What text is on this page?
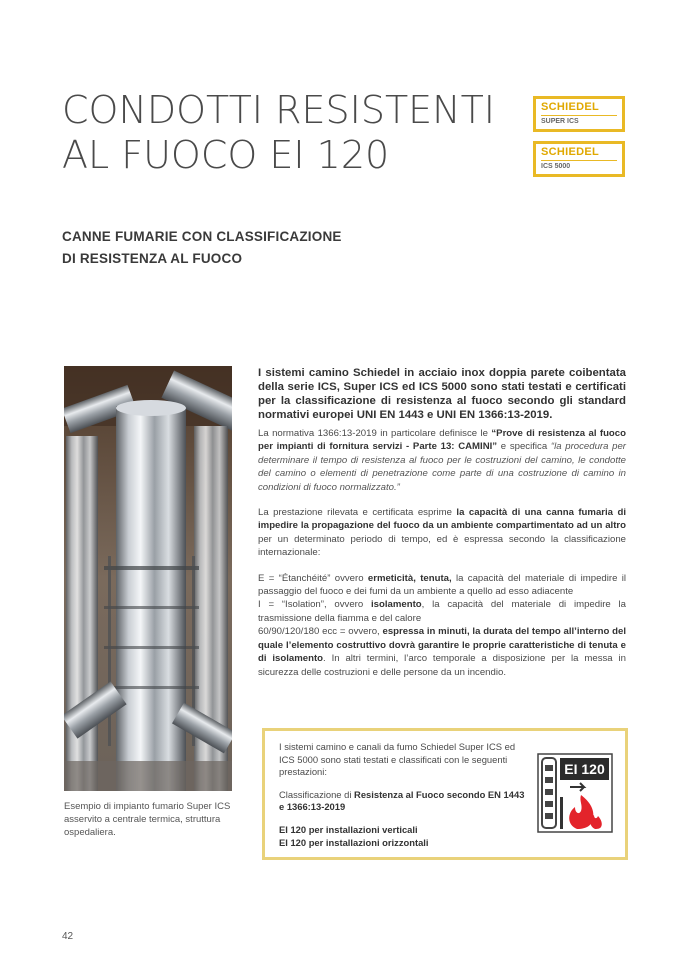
CONDOTTI RESISTENTI
AL FUOCO EI 120
SCHIEDEL
SUPER ICS
SCHIEDEL
ICS 5000
CANNE FUMARIE CON CLASSIFICAZIONE
DI RESISTENZA AL FUOCO
Esempio di impianto fumario Super ICS asservito a centrale termica, struttura ospedaliera.

I sistemi camino Schiedel in acciaio inox doppia parete coibentata della serie ICS, Super ICS ed ICS 5000 sono stati testati e certificati per la classificazione di resistenza al fuoco secondo gli standard normativi europei UNI EN 1443 e UNI EN 1366:13-2019.

La normativa 1366:13-2019 in particolare definisce le “Prove di resistenza al fuoco per impianti di fornitura servizi - Parte 13: CAMINI” e specifica “la procedura per determinare il tempo di resistenza al fuoco per le costruzioni del camino, le condotte del camino o elementi di penetrazione come parte di una costruzione di camino in condizioni di fuoco normalizzato.”

La prestazione rilevata e certificata esprime la capacità di una canna fumaria di impedire la propagazione del fuoco da un ambiente compartimentato ad un altro per un determinato periodo di tempo, ed è espressa secondo la classificazione internazionale:

E = “Étanchéité” ovvero ermeticità, tenuta, la capacità del materiale di impedire il passaggio del fuoco e dei fumi da un ambiente a quello ad esso adiacente
I = “Isolation”, ovvero isolamento, la capacità del materiale di impedire la trasmissione della fiamma e del calore
60/90/120/180 ecc = ovvero, espressa in minuti, la durata del tempo all’interno del quale l’elemento costruttivo dovrà garantire le proprie caratteristiche di tenuta e di isolamento. In altri termini, l’arco temporale a disposizione per la messa in sicurezza delle costruzioni e delle persone da un incendio.

I sistemi camino e canali da fumo Schiedel Super ICS ed ICS 5000 sono stati testati e classificati con le seguenti prestazioni:

Classificazione di Resistenza al Fuoco secondo EN 1443 e 1366:13-2019

EI 120 per installazioni verticali
EI 120 per installazioni orizzontali

EI 120
42
